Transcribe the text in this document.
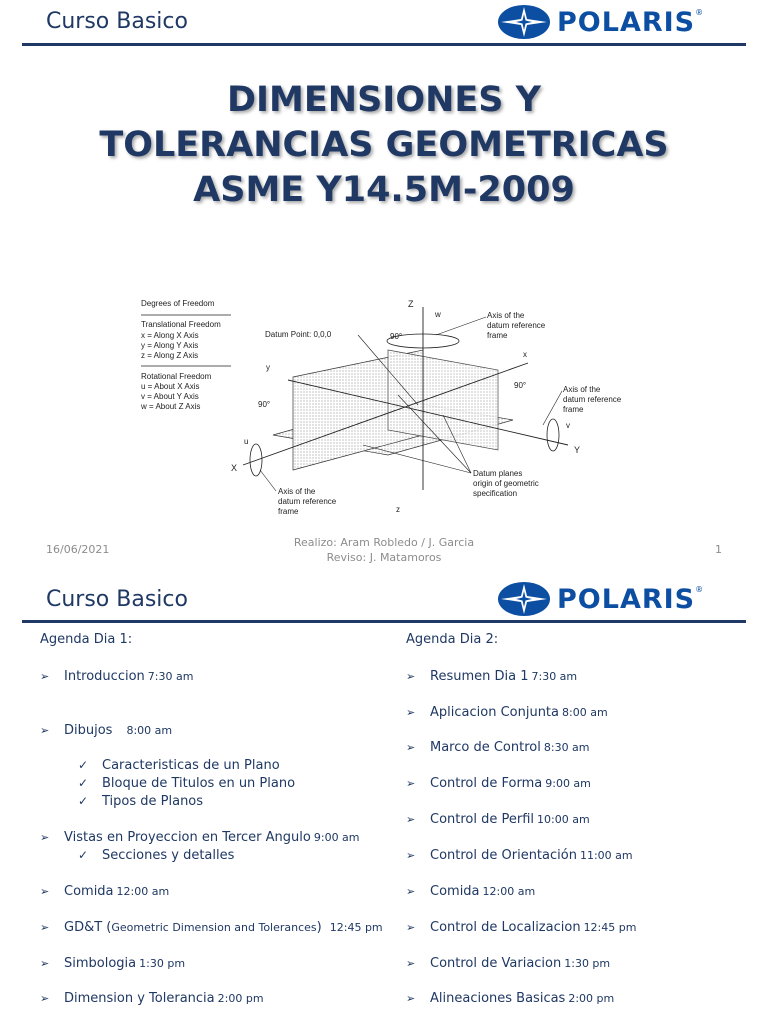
Curso Basico	POLARIS ®
DIMENSIONES Y
TOLERANCIAS GEOMETRICAS
ASME Y14.5M-2009
Degrees of Freedom
Translational Freedom
x = Along X Axis
y = Along Y Axis
z = Along Z Axis
Rotational Freedom
u = About X Axis
v = About Y Axis
w = About Z Axis
Z
X
Y
w
u
v
y
x
z
90°
90°
90°
Datum Point: 0,0,0
Axis of the
datum reference
frame
Axis of the
datum reference
frame
Axis of the
datum reference
frame
Datum planes
origin of geometric
specification
16/06/2021
Realizo: Aram Robledo / J. Garcia
Reviso: J. Matamoros
1
Curso Basico	POLARIS ®
Agenda Dia 1:
➢	Introduccion 7:30 am
➢	Dibujos 8:00 am
✓	Caracteristicas de un Plano
✓	Bloque de Titulos en un Plano
✓	Tipos de Planos
➢	Vistas en Proyeccion en Tercer Angulo 9:00 am
✓	Secciones y detalles
➢	Comida 12:00 am
➢	GD&T ( Geometric Dimension and Tolerances ) 12:45 pm
➢	Simbologia 1:30 pm
➢	Dimension y Tolerancia 2:00 pm
Agenda Dia 2:
➢	Resumen Dia 1 7:30 am
➢	Aplicacion Conjunta 8:00 am
➢	Marco de Control 8:30 am
➢	Control de Forma 9:00 am
➢	Control de Perfil 10:00 am
➢	Control de Orientación 11:00 am
➢	Comida 12:00 am
➢	Control de Localizacion 12:45 pm
➢	Control de Variacion 1:30 pm
➢	Alineaciones Basicas 2:00 pm
